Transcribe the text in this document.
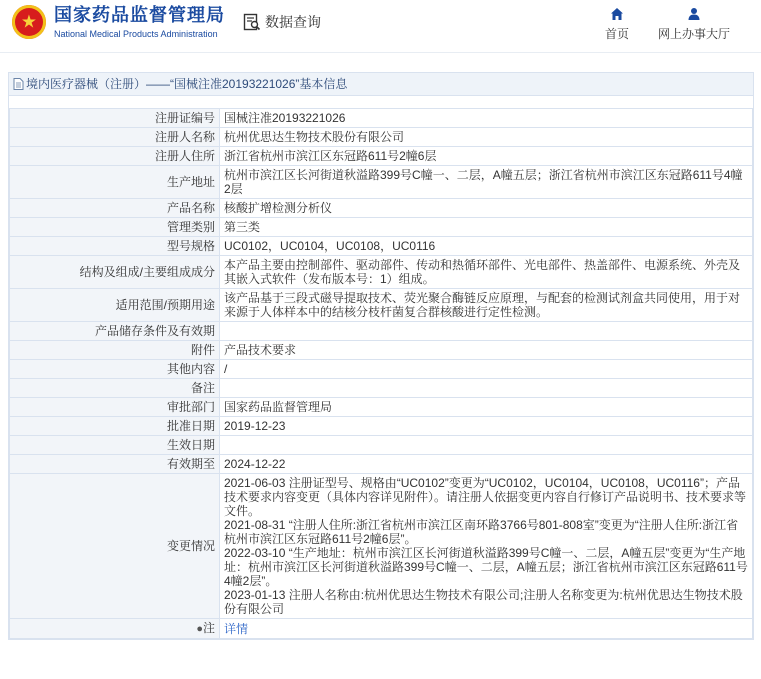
★ 国家药品监督管理局
National Medical Products Administration
数据查询
首页 网上办事大厅
境内医疗器械（注册）——“国械注准20193221026”基本信息
注册证编号	国械注准20193221026
注册人名称	杭州优思达生物技术股份有限公司
注册人住所	浙江省杭州市滨江区东冠路611号2幢6层
生产地址	杭州市滨江区长河街道秋溢路399号C幢一、二层，A幢五层；浙江省杭州市滨江区东冠路611号4幢2层
产品名称	核酸扩增检测分析仪
管理类别	第三类
型号规格	UC0102，UC0104，UC0108，UC0116
结构及组成/主要组成成分	本产品主要由控制部件、驱动部件、传动和热循环部件、光电部件、热盖部件、电源系统、外壳及其嵌入式软件（发布版本号：1）组成。
适用范围/预期用途	该产品基于三段式磁导提取技术、荧光聚合酶链反应原理，与配套的检测试剂盒共同使用，用于对来源于人体样本中的结核分枝杆菌复合群核酸进行定性检测。
产品储存条件及有效期	
附件	产品技术要求
其他内容	/
备注	
审批部门	国家药品监督管理局
批准日期	2019-12-23
生效日期	
有效期至	2024-12-22
变更情况	2021-06-03 注册证型号、规格由“UC0102”变更为“UC0102，UC0104，UC0108，UC0116”；产品技术要求内容变更（具体内容详见附件）。请注册人依据变更内容自行修订产品说明书、技术要求等文件。
2021-08-31 “注册人住所:浙江省杭州市滨江区南环路3766号801-808室”变更为“注册人住所:浙江省杭州市滨江区东冠路611号2幢6层”。
2022-03-10 “生产地址：杭州市滨江区长河街道秋溢路399号C幢一、二层，A幢五层”变更为“生产地址：杭州市滨江区长河街道秋溢路399号C幢一、二层，A幢五层；浙江省杭州市滨江区东冠路611号4幢2层”。
2023-01-13 注册人名称由:杭州优思达生物技术有限公司;注册人名称变更为:杭州优思达生物技术股份有限公司

●注	详情
